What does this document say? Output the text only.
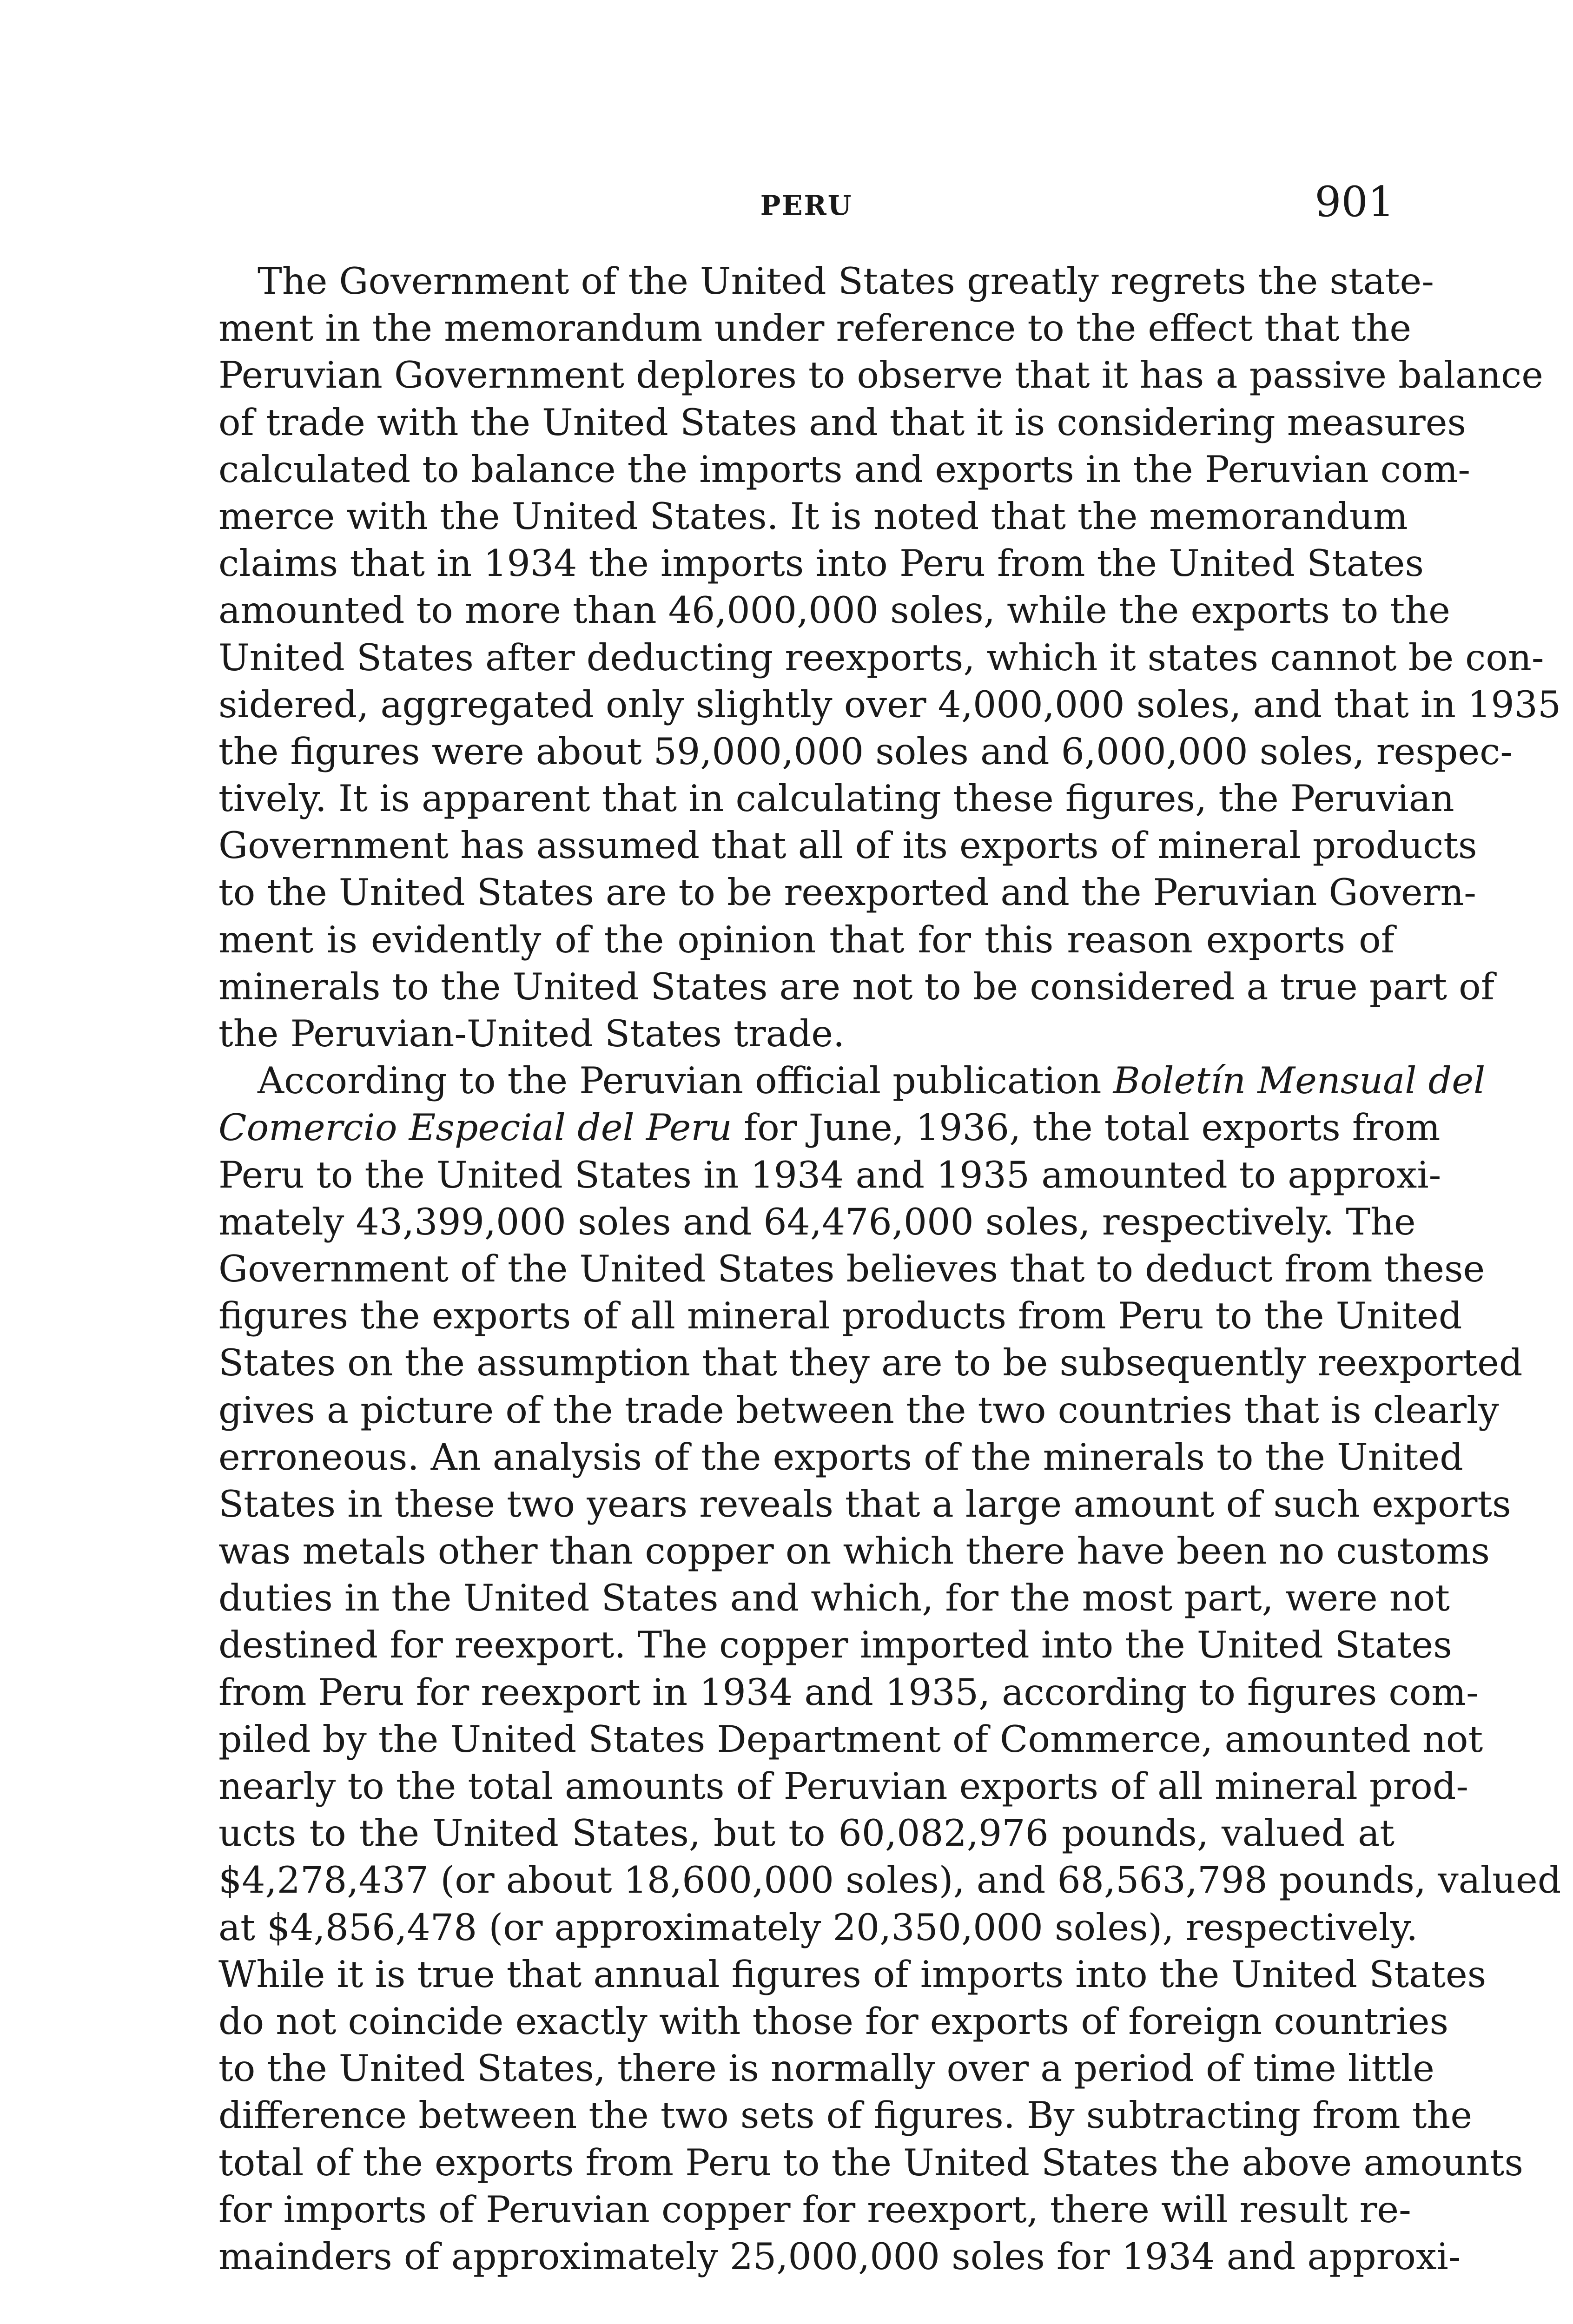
PERU	901
The Government of the United States greatly regrets the state-
ment in the memorandum under reference to the effect that the
Peruvian Government deplores to observe that it has a passive balance
of trade with the United States and that it is considering measures
calculated to balance the imports and exports in the Peruvian com-
merce with the United States. It is noted that the memorandum
claims that in 1934 the imports into Peru from the United States
amounted to more than 46,000,000 soles, while the exports to the
United States after deducting reexports, which it states cannot be con-
sidered, aggregated only slightly over 4,000,000 soles, and that in 1935
the figures were about 59,000,000 soles and 6,000,000 soles, respec-
tively. It is apparent that in calculating these figures, the Peruvian
Government has assumed that all of its exports of mineral products
to the United States are to be reexported and the Peruvian Govern-
ment is evidently of the opinion that for this reason exports of
minerals to the United States are not to be considered a true part of
the Peruvian-United States trade.
According to the Peruvian official publication Boletín Mensual del
Comercio Especial del Peru for June, 1936, the total exports from
Peru to the United States in 1934 and 1935 amounted to approxi-
mately 43,399,000 soles and 64,476,000 soles, respectively. The
Government of the United States believes that to deduct from these
figures the exports of all mineral products from Peru to the United
States on the assumption that they are to be subsequently reexported
gives a picture of the trade between the two countries that is clearly
erroneous. An analysis of the exports of the minerals to the United
States in these two years reveals that a large amount of such exports
was metals other than copper on which there have been no customs
duties in the United States and which, for the most part, were not
destined for reexport. The copper imported into the United States
from Peru for reexport in 1934 and 1935, according to figures com-
piled by the United States Department of Commerce, amounted not
nearly to the total amounts of Peruvian exports of all mineral prod-
ucts to the United States, but to 60,082,976 pounds, valued at
$4,278,437 (or about 18,600,000 soles), and 68,563,798 pounds, valued
at $4,856,478 (or approximately 20,350,000 soles), respectively.
While it is true that annual figures of imports into the United States
do not coincide exactly with those for exports of foreign countries
to the United States, there is normally over a period of time little
difference between the two sets of figures. By subtracting from the
total of the exports from Peru to the United States the above amounts
for imports of Peruvian copper for reexport, there will result re-
mainders of approximately 25,000,000 soles for 1934 and approxi-
